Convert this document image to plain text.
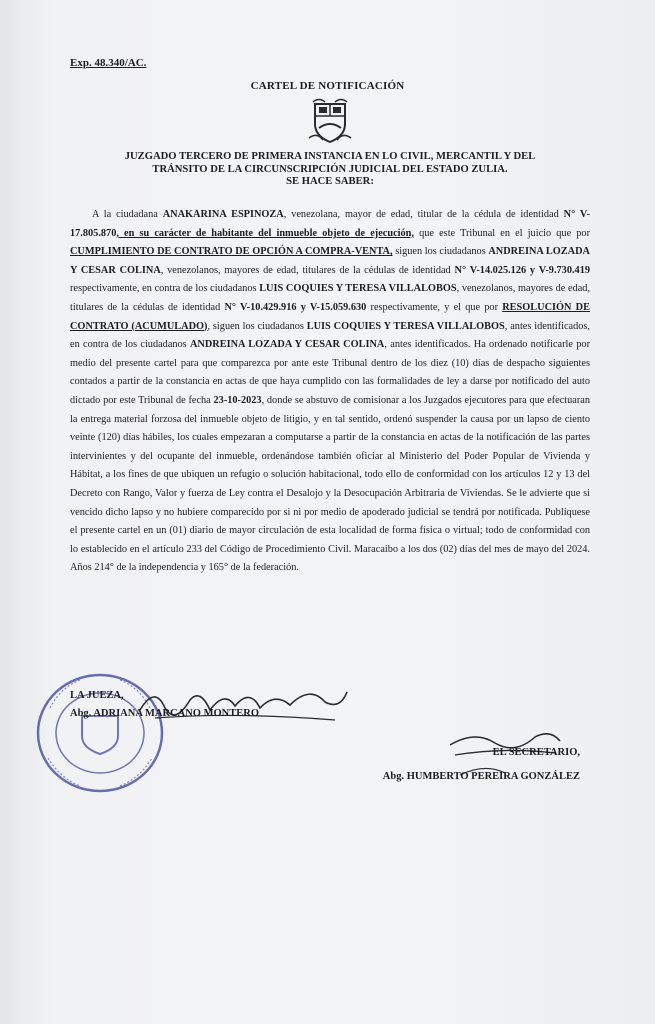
Exp. 48.340/AC.
CARTEL DE NOTIFICACIÓN
JUZGADO TERCERO DE PRIMERA INSTANCIA EN LO CIVIL, MERCANTIL Y DEL
TRÁNSITO DE LA CIRCUNSCRIPCIÓN JUDICIAL DEL ESTADO ZULIA.
SE HACE SABER:

A la ciudadana ANAKARINA ESPINOZA, venezolana, mayor de edad, titular de la cédula de identidad N° V-17.805.870, en su carácter de habitante del inmueble objeto de ejecución, que este Tribunal en el juicio que por CUMPLIMIENTO DE CONTRATO DE OPCIÓN A COMPRA-VENTA, siguen los ciudadanos ANDREINA LOZADA Y CESAR COLINA, venezolanos, mayores de edad, titulares de la cédulas de identidad N° V-14.025.126 y V-9.730.419 respectivamente, en contra de los ciudadanos LUIS COQUIES Y TERESA VILLALOBOS, venezolanos, mayores de edad, titulares de la cédulas de identidad N° V-10.429.916 y V-15.059.630 respectivamente, y el que por RESOLUCIÓN DE CONTRATO (ACUMULADO), siguen los ciudadanos LUIS COQUIES Y TERESA VILLALOBOS, antes identificados, en contra de los ciudadanos ANDREINA LOZADA Y CESAR COLINA, antes identificados. Ha ordenado notificarle por medio del presente cartel para que comparezca por ante este Tribunal dentro de los diez (10) días de despacho siguientes contados a partir de la constancia en actas de que haya cumplido con las formalidades de ley a darse por notificado del auto dictado por este Tribunal de fecha 23-10-2023, donde se abstuvo de comisionar a los Juzgados ejecutores para que efectuaran la entrega material forzosa del inmueble objeto de litigio, y en tal sentido, ordenó suspender la causa por un lapso de ciento veinte (120) días hábiles, los cuales empezaran a computarse a partir de la constancia en actas de la notificación de las partes intervinientes y del ocupante del inmueble, ordenándose también oficiar al Ministerio del Poder Popular de Vivienda y Hábitat, a los fines de que ubiquen un refugio o solución habitacional, todo ello de conformidad con los artículos 12 y 13 del Decreto con Rango, Valor y fuerza de Ley contra el Desalojo y la Desocupación Arbitraria de Viviendas. Se le advierte que si vencido dicho lapso y no hubiere comparecido por si ni por medio de apoderado judicial se tendrá por notificada. Publíquese el presente cartel en un (01) diario de mayor circulación de esta localidad de forma física o virtual; todo de conformidad con lo establecido en el artículo 233 del Código de Procedimiento Civil. Maracaibo a los dos (02) días del mes de mayo del 2024. Años 214° de la independencia y 165° de la federación.

LA JUEZA,
Abg. ADRIANA MARCANO MONTERO
EL SECRETARIO,
Abg. HUMBERTO PEREIRA GONZÁLEZ
